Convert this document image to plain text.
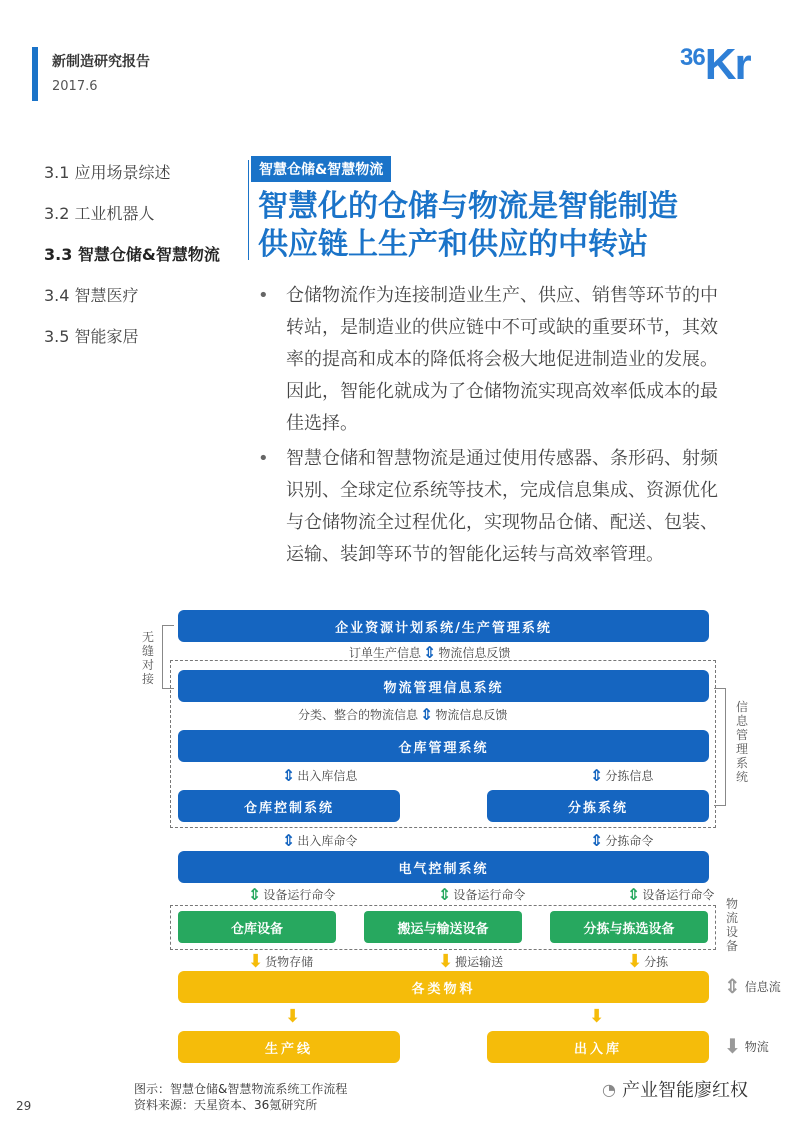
新制造研究报告
2017.6
36Kr
3.1 应用场景综述
3.2 工业机器人
3.3 智慧仓储&智慧物流
3.4 智慧医疗
3.5 智能家居
智慧仓储&智慧物流
智慧化的仓储与物流是智能制造
供应链上生产和供应的中转站
• 仓储物流作为连接制造业生产、供应、销售等环节的中转站，是制造业的供应链中不可或缺的重要环节，其效率的提高和成本的降低将会极大地促进制造业的发展。因此，智能化就成为了仓储物流实现高效率低成本的最佳选择。
• 智慧仓储和智慧物流是通过使用传感器、条形码、射频识别、全球定位系统等技术，完成信息集成、资源优化与仓储物流全过程优化，实现物品仓储、配送、包装、运输、装卸等环节的智能化运转与高效率管理。
无缝对接
信息管理系统
企业资源计划系统/生产管理系统
订单生产信息 ⇕ 物流信息反馈
物流管理信息系统
分类、整合的物流信息 ⇕ 物流信息反馈
仓库管理系统
⇕ 出入库信息	⇕ 分拣信息
仓库控制系统	分拣系统
⇕ 出入库命令	⇕ 分拣命令
电气控制系统
⇕ 设备运行命令	⇕ 设备运行命令	⇕ 设备运行命令
物流设备
仓库设备	搬运与输送设备	分拣与拣选设备
⬇ 货物存储	⬇ 搬运输送	⬇ 分拣
各类物料
⬇	⬇
生产线	出入库
⇕ 信息流
⬇ 物流
图示：智慧仓储&智慧物流系统工作流程
资料来源：天星资本、36氪研究所
29
◔ 产业智能廖红权
